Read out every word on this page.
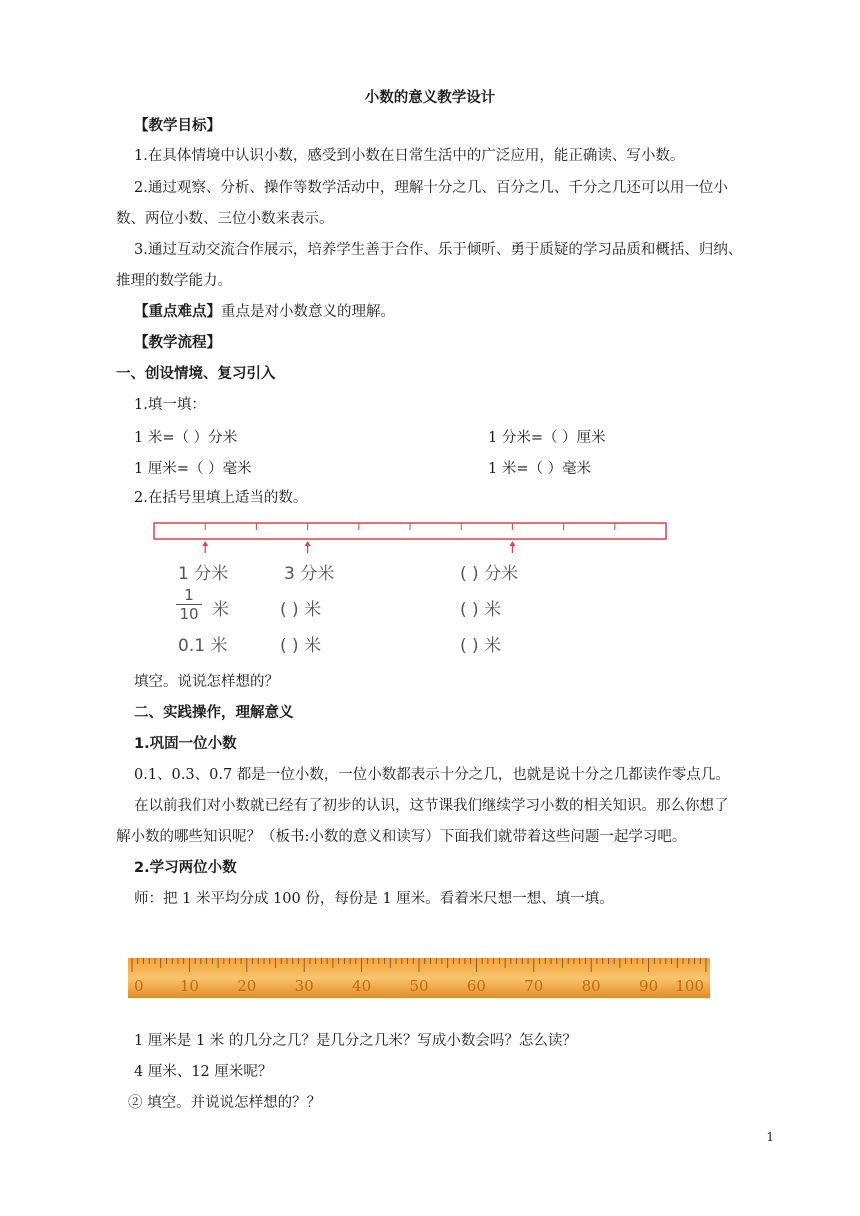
小数的意义教学设计
【教学目标】
1.在具体情境中认识小数，感受到小数在日常生活中的广泛应用，能正确读、写小数。
2.通过观察、分析、操作等数学活动中，理解十分之几、百分之几、千分之几还可以用一位小
数、两位小数、三位小数来表示。
3.通过互动交流合作展示，培养学生善于合作、乐于倾听、勇于质疑的学习品质和概括、归纳、
推理的数学能力。
【重点难点】重点是对小数意义的理解。
【教学流程】
一、创设情境、复习引入
1.填一填：
1 米=（ ）分米	1 分米=（ ）厘米
1 厘米=（ ）毫米	1 米=（ ）毫米
2.在括号里填上适当的数。
1 分米	3 分米	( ) 分米
$\frac{1}{10}$ 米	( ) 米	( ) 米
0.1 米	( ) 米	( ) 米
填空。说说怎样想的？
二、实践操作，理解意义
1.巩固一位小数
0.1、0.3、0.7 都是一位小数，一位小数都表示十分之几，也就是说十分之几都读作零点几。
在以前我们对小数就已经有了初步的认识，这节课我们继续学习小数的相关知识。那么你想了
解小数的哪些知识呢？（板书:小数的意义和读写）下面我们就带着这些问题一起学习吧。
2.学习两位小数
师：把 1 米平均分成 100 份，每份是 1 厘米。看着米尺想一想、填一填。
0 10	20	30	40	50	60	70	80	90 100
1 厘米是 1 米 的几分之几？是几分之几米？写成小数会吗？怎么读？
4 厘米、12 厘米呢？
② 填空。并说说怎样想的？？
1
